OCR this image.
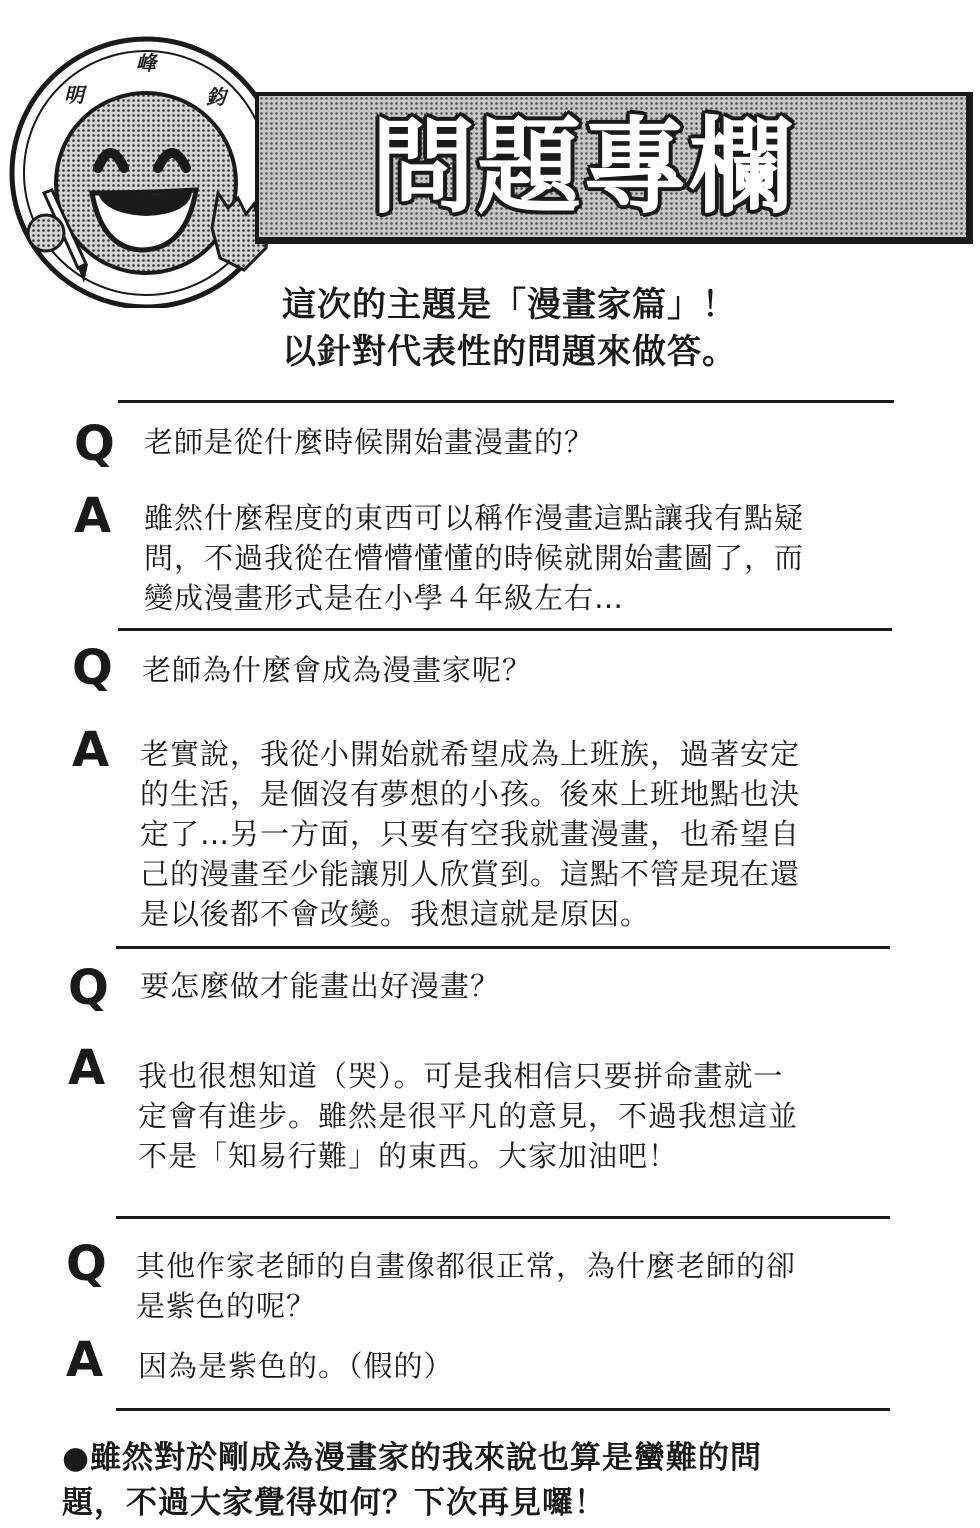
峰
明	鈞
問題專欄
這次的主題是「漫畫家篇」！
以針對代表性的問題來做答。
Q 老師是從什麼時候開始畫漫畫的？
A 雖然什麼程度的東西可以稱作漫畫這點讓我有點疑
問，不過我從在懵懵懂懂的時候就開始畫圖了，而
變成漫畫形式是在小學４年級左右…
Q 老師為什麼會成為漫畫家呢？
A 老實說，我從小開始就希望成為上班族，過著安定
的生活，是個沒有夢想的小孩。後來上班地點也決
定了…另一方面，只要有空我就畫漫畫，也希望自
己的漫畫至少能讓別人欣賞到。這點不管是現在還
是以後都不會改變。我想這就是原因。
Q 要怎麼做才能畫出好漫畫？
A 我也很想知道（哭）。可是我相信只要拼命畫就一
定會有進步。雖然是很平凡的意見，不過我想這並
不是「知易行難」的東西。大家加油吧！
Q 其他作家老師的自畫像都很正常，為什麼老師的卻
是紫色的呢？
A 因為是紫色的。（假的）
●雖然對於剛成為漫畫家的我來說也算是蠻難的問
題，不過大家覺得如何？下次再見囉！
